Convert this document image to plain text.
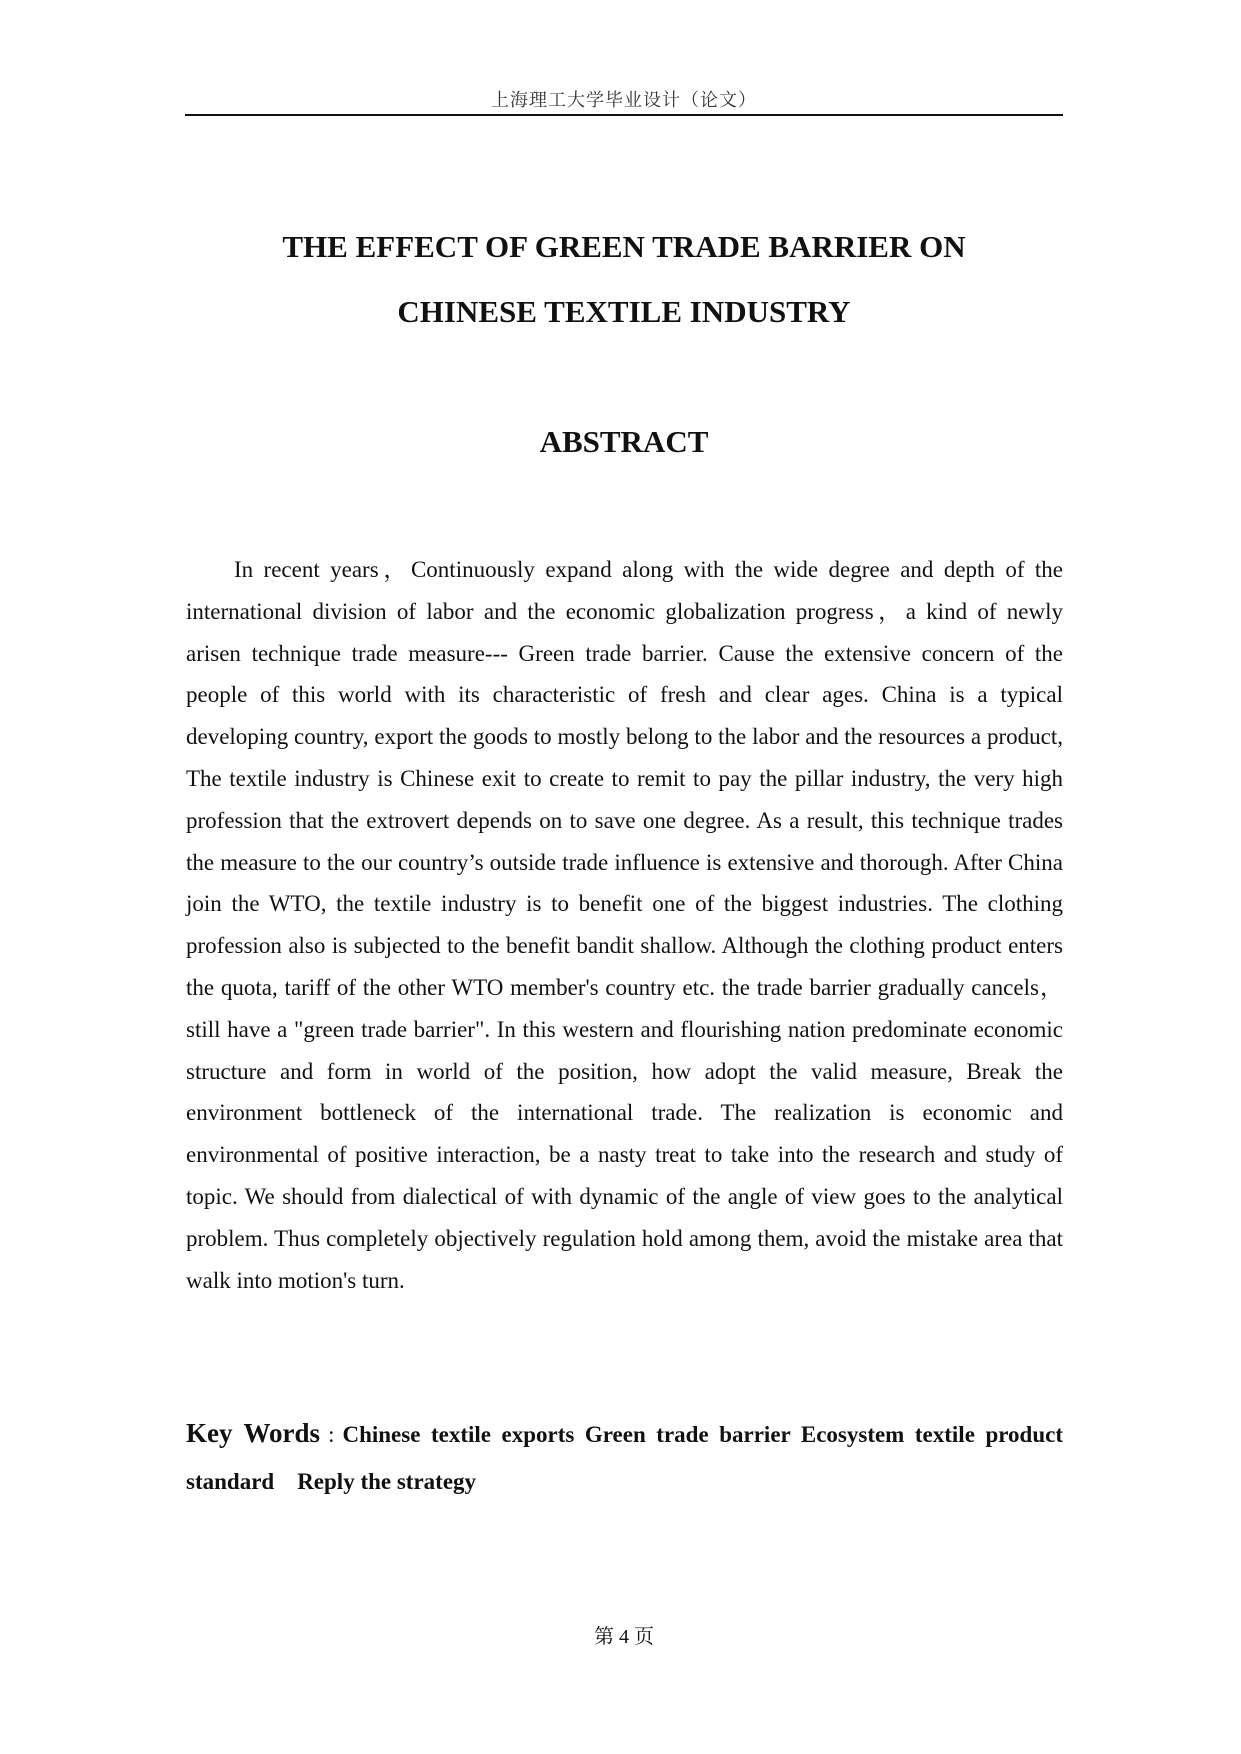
上海理工大学毕业设计（论文）
THE EFFECT OF GREEN TRADE BARRIER ON
CHINESE TEXTILE INDUSTRY
ABSTRACT

In recent years，Continuously expand along with the wide degree and depth of the international division of labor and the economic globalization progress，a kind of newly arisen technique trade measure--- Green trade barrier. Cause the extensive concern of the people of this world with its characteristic of fresh and clear ages. China is a typical developing country, export the goods to mostly belong to the labor and the resources a product, The textile industry is Chinese exit to create to remit to pay the pillar industry, the very high profession that the extrovert depends on to save one degree. As a result, this technique trades the measure to the our country’s outside trade influence is extensive and thorough. After China join the WTO, the textile industry is to benefit one of the biggest industries. The clothing profession also is subjected to the benefit bandit shallow. Although the clothing product enters the quota, tariff of the other WTO member's country etc. the trade barrier gradually cancels，still have a "green trade barrier". In this western and flourishing nation predominate economic structure and form in world of the position, how adopt the valid measure, Break the environment bottleneck of the international trade. The realization is economic and environmental of positive interaction, be a nasty treat to take into the research and study of topic. We should from dialectical of with dynamic of the angle of view goes to the analytical problem. Thus completely objectively regulation hold among them, avoid the mistake area that walk into motion's turn.

Key Words : Chinese textile exports Green trade barrier Ecosystem textile product standard    Reply the strategy

第 4 页
